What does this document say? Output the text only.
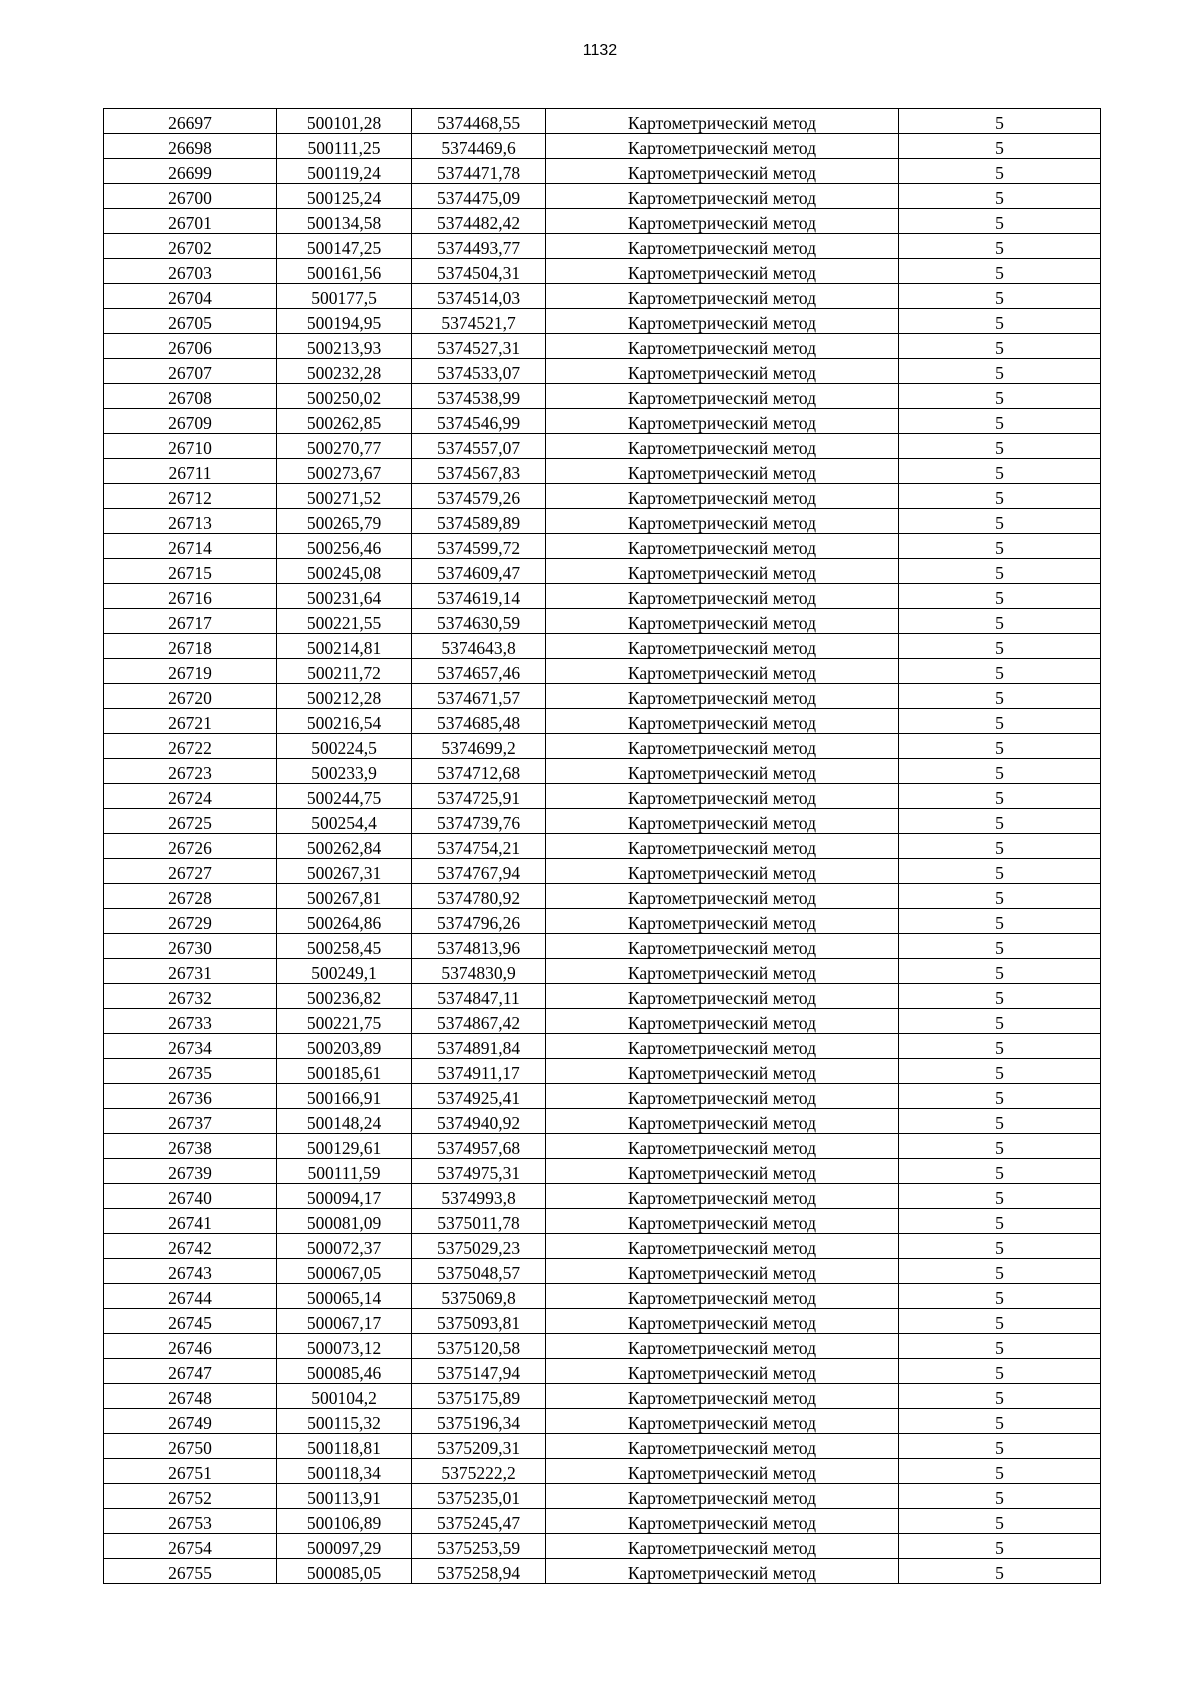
1132
26697	500101,28	5374468,55	Картометрический метод	5
26698	500111,25	5374469,6	Картометрический метод	5
26699	500119,24	5374471,78	Картометрический метод	5
26700	500125,24	5374475,09	Картометрический метод	5
26701	500134,58	5374482,42	Картометрический метод	5
26702	500147,25	5374493,77	Картометрический метод	5
26703	500161,56	5374504,31	Картометрический метод	5
26704	500177,5	5374514,03	Картометрический метод	5
26705	500194,95	5374521,7	Картометрический метод	5
26706	500213,93	5374527,31	Картометрический метод	5
26707	500232,28	5374533,07	Картометрический метод	5
26708	500250,02	5374538,99	Картометрический метод	5
26709	500262,85	5374546,99	Картометрический метод	5
26710	500270,77	5374557,07	Картометрический метод	5
26711	500273,67	5374567,83	Картометрический метод	5
26712	500271,52	5374579,26	Картометрический метод	5
26713	500265,79	5374589,89	Картометрический метод	5
26714	500256,46	5374599,72	Картометрический метод	5
26715	500245,08	5374609,47	Картометрический метод	5
26716	500231,64	5374619,14	Картометрический метод	5
26717	500221,55	5374630,59	Картометрический метод	5
26718	500214,81	5374643,8	Картометрический метод	5
26719	500211,72	5374657,46	Картометрический метод	5
26720	500212,28	5374671,57	Картометрический метод	5
26721	500216,54	5374685,48	Картометрический метод	5
26722	500224,5	5374699,2	Картометрический метод	5
26723	500233,9	5374712,68	Картометрический метод	5
26724	500244,75	5374725,91	Картометрический метод	5
26725	500254,4	5374739,76	Картометрический метод	5
26726	500262,84	5374754,21	Картометрический метод	5
26727	500267,31	5374767,94	Картометрический метод	5
26728	500267,81	5374780,92	Картометрический метод	5
26729	500264,86	5374796,26	Картометрический метод	5
26730	500258,45	5374813,96	Картометрический метод	5
26731	500249,1	5374830,9	Картометрический метод	5
26732	500236,82	5374847,11	Картометрический метод	5
26733	500221,75	5374867,42	Картометрический метод	5
26734	500203,89	5374891,84	Картометрический метод	5
26735	500185,61	5374911,17	Картометрический метод	5
26736	500166,91	5374925,41	Картометрический метод	5
26737	500148,24	5374940,92	Картометрический метод	5
26738	500129,61	5374957,68	Картометрический метод	5
26739	500111,59	5374975,31	Картометрический метод	5
26740	500094,17	5374993,8	Картометрический метод	5
26741	500081,09	5375011,78	Картометрический метод	5
26742	500072,37	5375029,23	Картометрический метод	5
26743	500067,05	5375048,57	Картометрический метод	5
26744	500065,14	5375069,8	Картометрический метод	5
26745	500067,17	5375093,81	Картометрический метод	5
26746	500073,12	5375120,58	Картометрический метод	5
26747	500085,46	5375147,94	Картометрический метод	5
26748	500104,2	5375175,89	Картометрический метод	5
26749	500115,32	5375196,34	Картометрический метод	5
26750	500118,81	5375209,31	Картометрический метод	5
26751	500118,34	5375222,2	Картометрический метод	5
26752	500113,91	5375235,01	Картометрический метод	5
26753	500106,89	5375245,47	Картометрический метод	5
26754	500097,29	5375253,59	Картометрический метод	5
26755	500085,05	5375258,94	Картометрический метод	5
